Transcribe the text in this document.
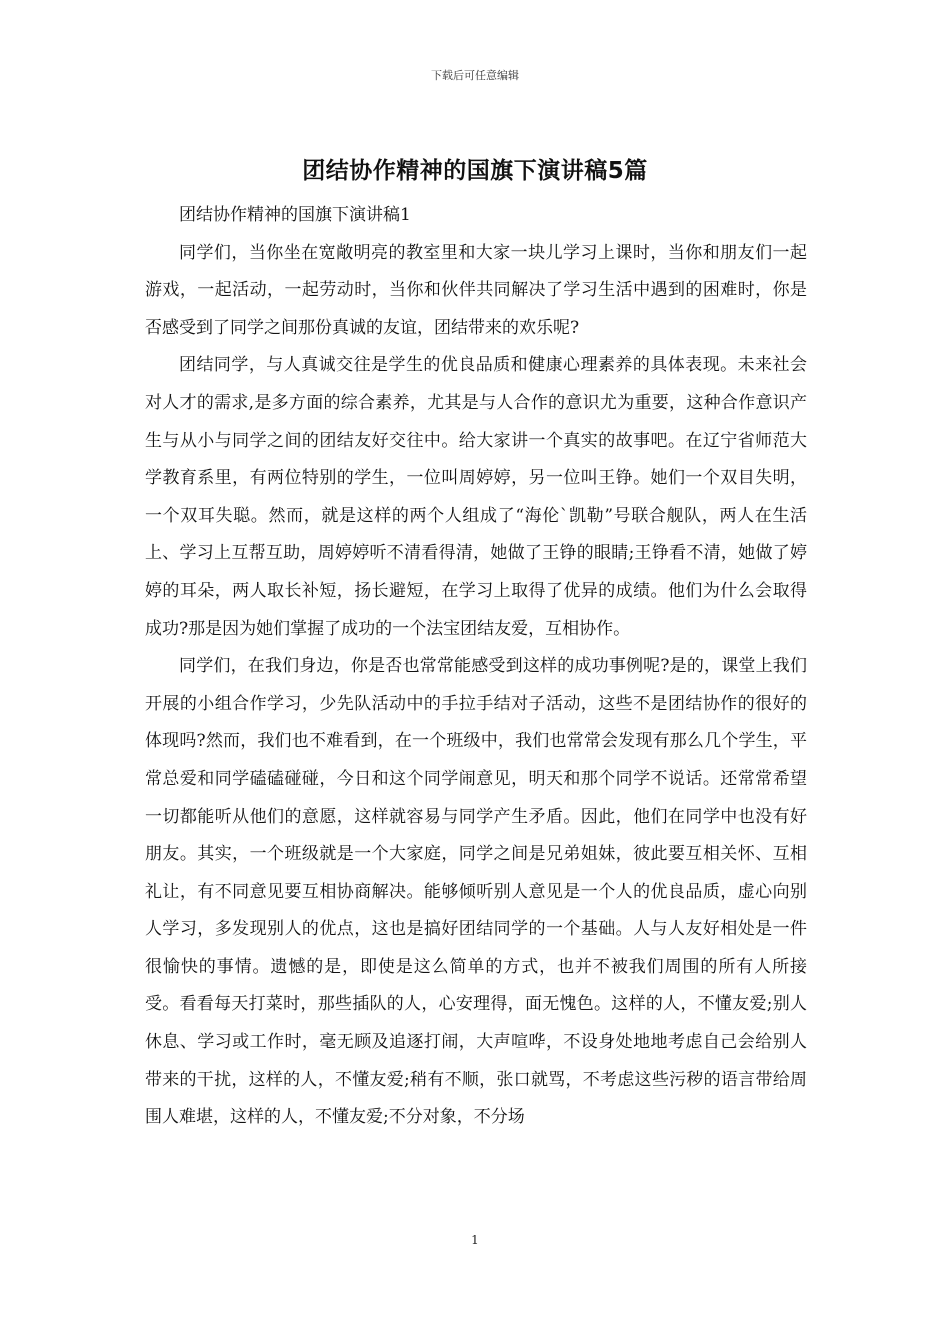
下载后可任意编辑
团结协作精神的国旗下演讲稿5篇

团结协作精神的国旗下演讲稿1

同学们，当你坐在宽敞明亮的教室里和大家一块儿学习上课时，当你和朋友们一起游戏，一起活动，一起劳动时，当你和伙伴共同解决了学习生活中遇到的困难时，你是否感受到了同学之间那份真诚的友谊，团结带来的欢乐呢?

团结同学，与人真诚交往是学生的优良品质和健康心理素养的具体表现。未来社会对人才的需求,是多方面的综合素养，尤其是与人合作的意识尤为重要，这种合作意识产生与从小与同学之间的团结友好交往中。给大家讲一个真实的故事吧。在辽宁省师范大学教育系里，有两位特别的学生，一位叫周婷婷，另一位叫王铮。她们一个双目失明，一个双耳失聪。然而，就是这样的两个人组成了“海伦`凯勒”号联合舰队，两人在生活上、学习上互帮互助，周婷婷听不清看得清，她做了王铮的眼睛;王铮看不清，她做了婷婷的耳朵，两人取长补短，扬长避短，在学习上取得了优异的成绩。他们为什么会取得成功?那是因为她们掌握了成功的一个法宝团结友爱，互相协作。

同学们，在我们身边，你是否也常常能感受到这样的成功事例呢?是的，课堂上我们开展的小组合作学习，少先队活动中的手拉手结对子活动，这些不是团结协作的很好的体现吗?然而，我们也不难看到，在一个班级中，我们也常常会发现有那么几个学生，平常总爱和同学磕磕碰碰，今日和这个同学闹意见，明天和那个同学不说话。还常常希望一切都能听从他们的意愿，这样就容易与同学产生矛盾。因此，他们在同学中也没有好朋友。其实，一个班级就是一个大家庭，同学之间是兄弟姐妹，彼此要互相关怀、互相礼让，有不同意见要互相协商解决。能够倾听别人意见是一个人的优良品质，虚心向别人学习，多发现别人的优点，这也是搞好团结同学的一个基础。人与人友好相处是一件很愉快的事情。遗憾的是，即使是这么简单的方式，也并不被我们周围的所有人所接受。看看每天打菜时，那些插队的人，心安理得，面无愧色。这样的人，不懂友爱;别人休息、学习或工作时，毫无顾及追逐打闹，大声喧哗，不设身处地地考虑自己会给别人带来的干扰，这样的人，不懂友爱;稍有不顺，张口就骂，不考虑这些污秽的语言带给周围人难堪，这样的人，不懂友爱;不分对象，不分场

1
